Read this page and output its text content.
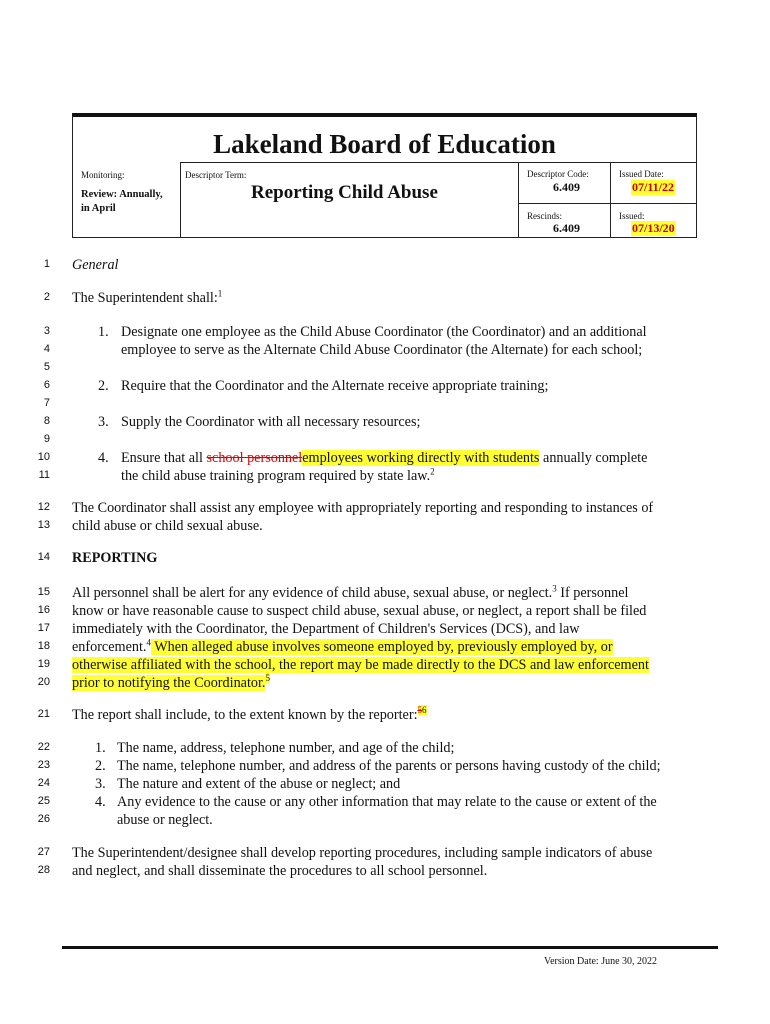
Lakeland Board of Education
Monitoring:
Review: Annually,
in April
Descriptor Term:
Reporting Child Abuse
Descriptor Code:
6.409
Rescinds:
6.409
Issued Date:
07/11/22
Issued:
07/13/20
1
2
3
4
5
6
7
8
9
10
11
12
13
14
15
16
17
18
19
20
21
22
23
24
25
26
27
28
General
The Superintendent shall:$^1$
1. Designate one employee as the Child Abuse Coordinator (the Coordinator) and an additional
employee to serve as the Alternate Child Abuse Coordinator (the Alternate) for each school;
2. Require that the Coordinator and the Alternate receive appropriate training;
3. Supply the Coordinator with all necessary resources;
4. Ensure that all school personnelemployees working directly with students annually complete
the child abuse training program required by state law.$^2$
The Coordinator shall assist any employee with appropriately reporting and responding to instances of
child abuse or child sexual abuse.
REPORTING
All personnel shall be alert for any evidence of child abuse, sexual abuse, or neglect.$^3$ If personnel
know or have reasonable cause to suspect child abuse, sexual abuse, or neglect, a report shall be filed
immediately with the Coordinator, the Department of Children's Services (DCS), and law
enforcement.$^4$ When alleged abuse involves someone employed by, previously employed by, or
otherwise affiliated with the school, the report may be made directly to the DCS and law enforcement
prior to notifying the Coordinator.$^5$
The report shall include, to the extent known by the reporter:$^{56}$
1. The name, address, telephone number, and age of the child;
2. The name, telephone number, and address of the parents or persons having custody of the child;
3. The nature and extent of the abuse or neglect; and
4. Any evidence to the cause or any other information that may relate to the cause or extent of the
abuse or neglect.
The Superintendent/designee shall develop reporting procedures, including sample indicators of abuse
and neglect, and shall disseminate the procedures to all school personnel.
Version Date: June 30, 2022
